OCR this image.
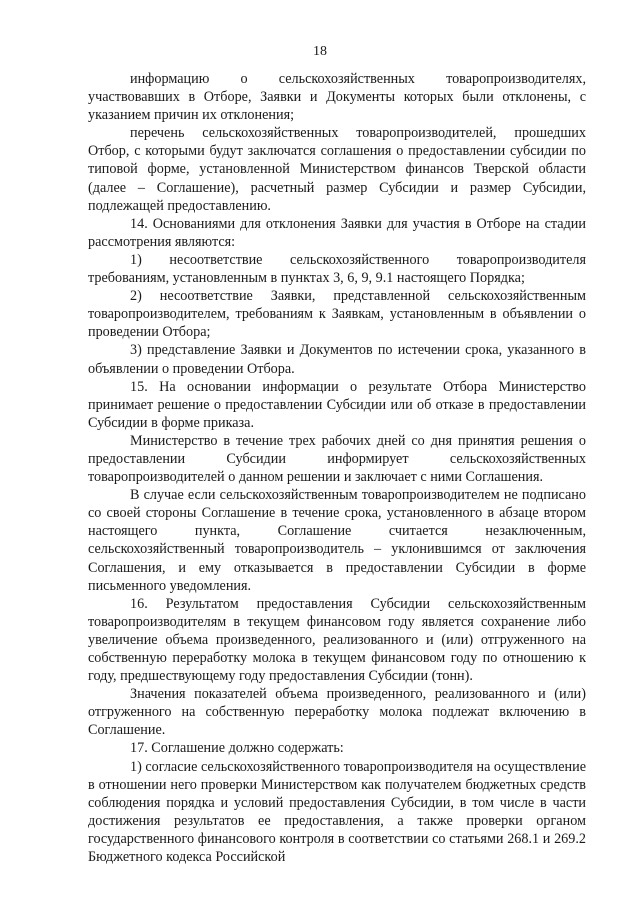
18

информацию о сельскохозяйственных товаропроизводителях, участвовавших в Отборе, Заявки и Документы которых были отклонены, с указанием причин их отклонения;

перечень сельскохозяйственных товаропроизводителей, прошедших Отбор, с которыми будут заключатся соглашения о предоставлении субсидии по типовой форме, установленной Министерством финансов Тверской области (далее – Соглашение), расчетный размер Субсидии и размер Субсидии, подлежащей предоставлению.

14. Основаниями для отклонения Заявки для участия в Отборе на стадии рассмотрения являются:

1) несоответствие сельскохозяйственного товаропроизводителя требованиям, установленным в пунктах 3, 6, 9, 9.1 настоящего Порядка;

2) несоответствие Заявки, представленной сельскохозяйственным товаропроизводителем, требованиям к Заявкам, установленным в объявлении о проведении Отбора;

3) представление Заявки и Документов по истечении срока, указанного в объявлении о проведении Отбора.

15. На основании информации о результате Отбора Министерство принимает решение о предоставлении Субсидии или об отказе в предоставлении Субсидии в форме приказа.

Министерство в течение трех рабочих дней со дня принятия решения о предоставлении Субсидии информирует сельскохозяйственных товаропроизводителей о данном решении и заключает с ними Соглашения.

В случае если сельскохозяйственным товаропроизводителем не подписано со своей стороны Соглашение в течение срока, установленного в абзаце втором настоящего пункта, Соглашение считается незаключенным, сельскохозяйственный товаропроизводитель – уклонившимся от заключения Соглашения, и ему отказывается в предоставлении Субсидии в форме письменного уведомления.

16. Результатом предоставления Субсидии сельскохозяйственным товаропроизводителям в текущем финансовом году является сохранение либо увеличение объема произведенного, реализованного и (или) отгруженного на собственную переработку молока в текущем финансовом году по отношению к году, предшествующему году предоставления Субсидии (тонн).

Значения показателей объема произведенного, реализованного и (или) отгруженного на собственную переработку молока подлежат включению в Соглашение.

17. Соглашение должно содержать:

1) согласие сельскохозяйственного товаропроизводителя на осуществление в отношении него проверки Министерством как получателем бюджетных средств соблюдения порядка и условий предоставления Субсидии, в том числе в части достижения результатов ее предоставления, а также проверки органом государственного финансового контроля в соответствии со статьями 268.1 и 269.2 Бюджетного кодекса Российской
